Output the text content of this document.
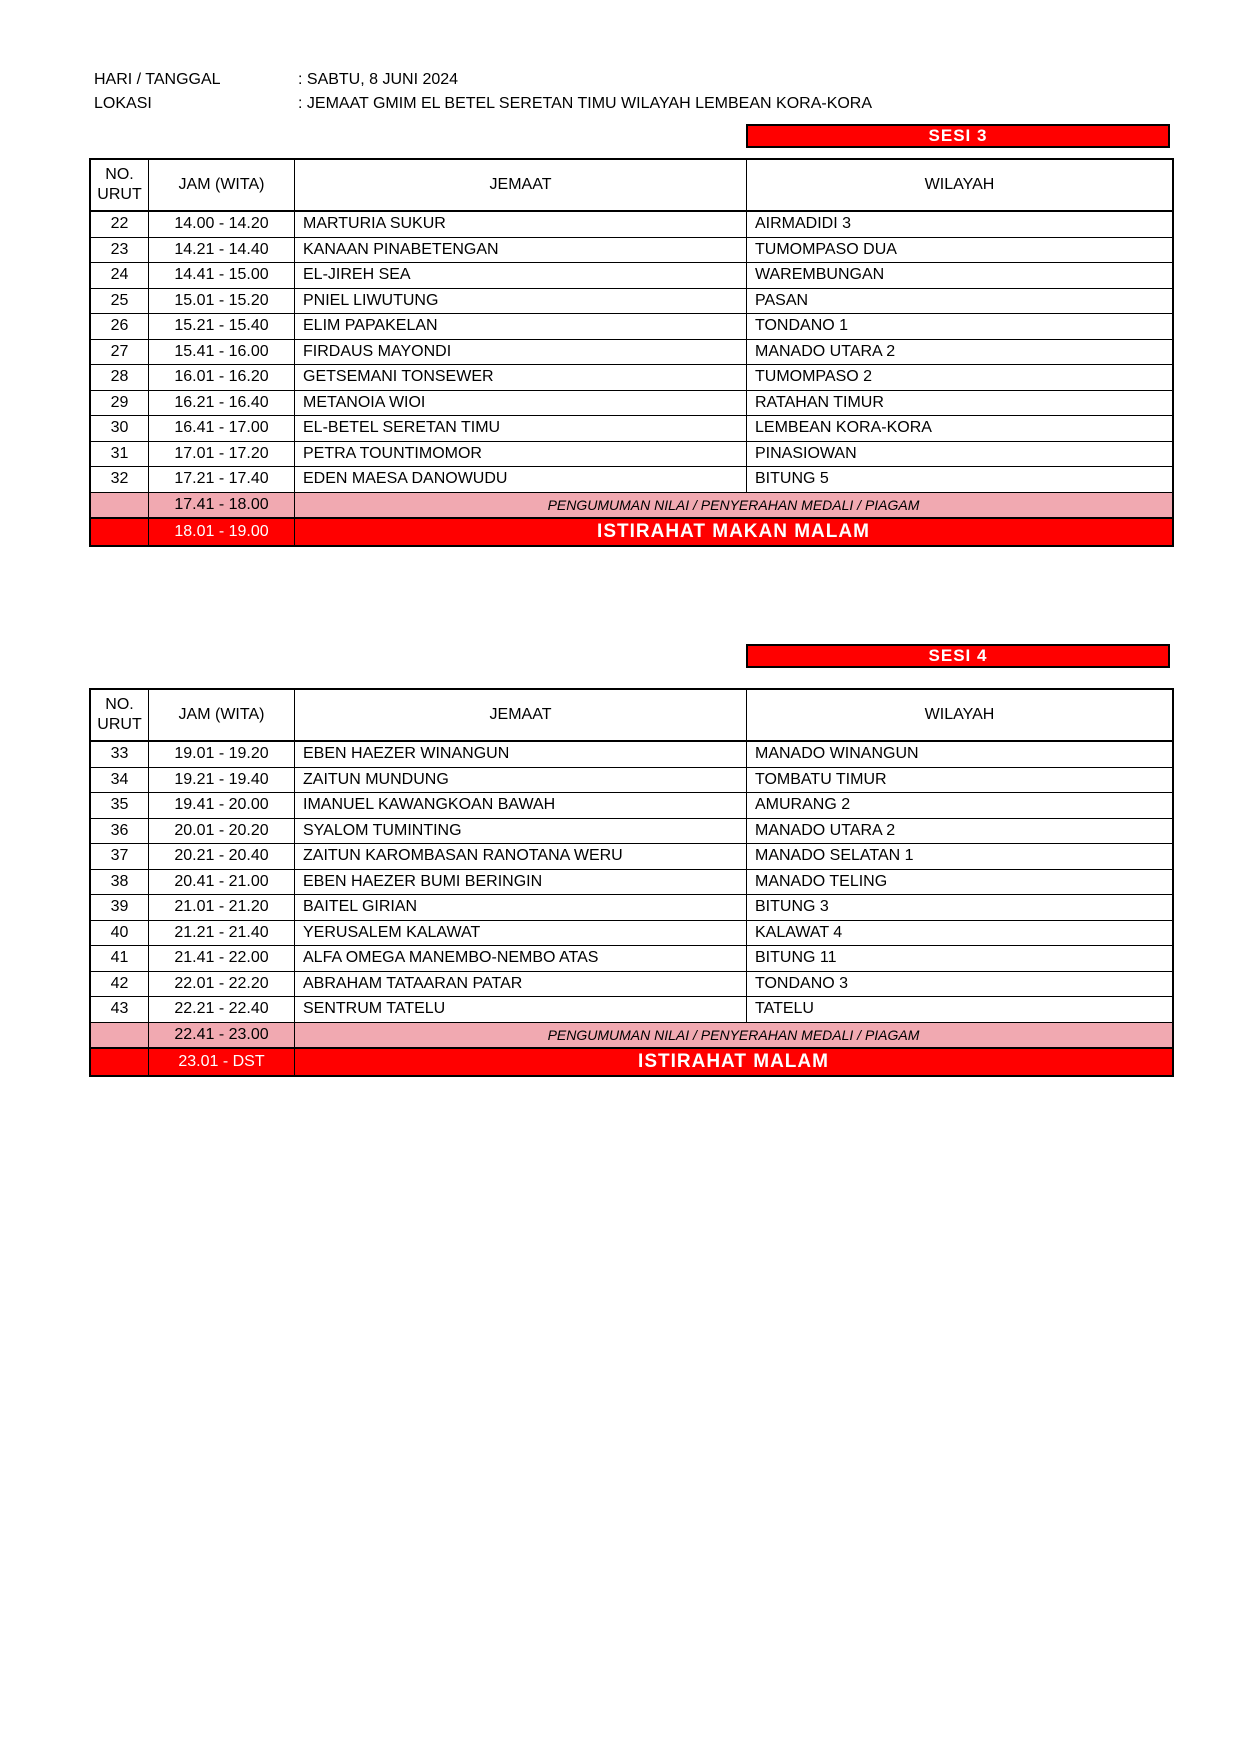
HARI / TANGGAL	: SABTU, 8 JUNI 2024
LOKASI	: JEMAAT GMIM EL BETEL SERETAN TIMU WILAYAH LEMBEAN KORA-KORA
SESI 3
NO. URUT	JAM (WITA)	JEMAAT	WILAYAH
22	14.00 - 14.20	MARTURIA SUKUR	AIRMADIDI 3
23	14.21 - 14.40	KANAAN PINABETENGAN	TUMOMPASO DUA
24	14.41 - 15.00	EL-JIREH SEA	WAREMBUNGAN
25	15.01 - 15.20	PNIEL LIWUTUNG	PASAN
26	15.21 - 15.40	ELIM PAPAKELAN	TONDANO 1
27	15.41 - 16.00	FIRDAUS MAYONDI	MANADO UTARA 2
28	16.01 - 16.20	GETSEMANI TONSEWER	TUMOMPASO 2
29	16.21 - 16.40	METANOIA WIOI	RATAHAN TIMUR
30	16.41 - 17.00	EL-BETEL SERETAN TIMU	LEMBEAN KORA-KORA
31	17.01 - 17.20	PETRA TOUNTIMOMOR	PINASIOWAN
32	17.21 - 17.40	EDEN MAESA DANOWUDU	BITUNG 5
	17.41 - 18.00	PENGUMUMAN NILAI / PENYERAHAN MEDALI / PIAGAM	
	18.01 - 19.00	ISTIRAHAT MAKAN MALAM	
SESI 4
NO. URUT	JAM (WITA)	JEMAAT	WILAYAH
33	19.01 - 19.20	EBEN HAEZER WINANGUN	MANADO WINANGUN
34	19.21 - 19.40	ZAITUN MUNDUNG	TOMBATU TIMUR
35	19.41 - 20.00	IMANUEL KAWANGKOAN BAWAH	AMURANG 2
36	20.01 - 20.20	SYALOM TUMINTING	MANADO UTARA 2
37	20.21 - 20.40	ZAITUN KAROMBASAN RANOTANA WERU	MANADO SELATAN 1
38	20.41 - 21.00	EBEN HAEZER BUMI BERINGIN	MANADO TELING
39	21.01 - 21.20	BAITEL GIRIAN	BITUNG 3
40	21.21 - 21.40	YERUSALEM KALAWAT	KALAWAT 4
41	21.41 - 22.00	ALFA OMEGA MANEMBO-NEMBO ATAS	BITUNG 11
42	22.01 - 22.20	ABRAHAM TATAARAN PATAR	TONDANO 3
43	22.21 - 22.40	SENTRUM TATELU	TATELU
	22.41 - 23.00	PENGUMUMAN NILAI / PENYERAHAN MEDALI / PIAGAM	
	23.01 - DST	ISTIRAHAT MALAM	
